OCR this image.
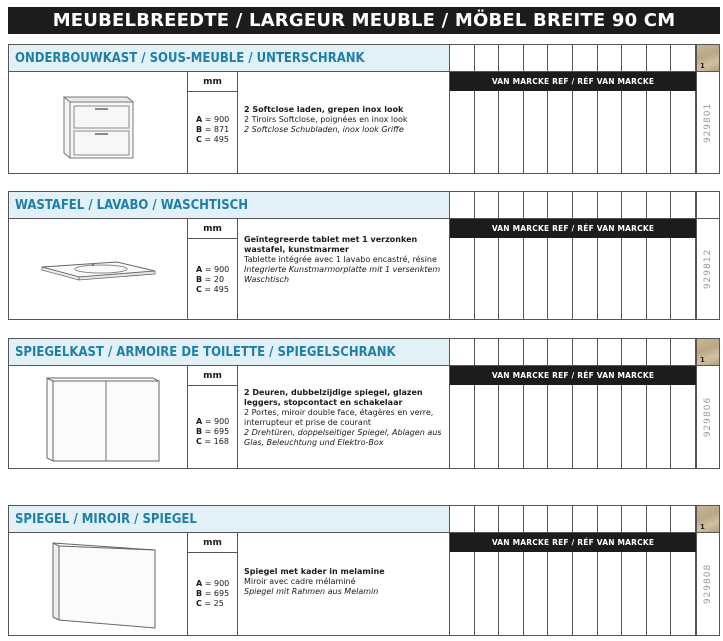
MEUBELBREEDTE / LARGEUR MEUBLE / MÖBEL BREITE 90 CM
ONDERBOUWKAST / SOUS-MEUBLE / UNTERSCHRANK
mm
A = 900
B = 871
C = 495
2 Softclose laden, grepen inox look
2 Tiroirs Softclose, poignées en inox look
2 Softclose Schubladen, inox look Griffe
VAN MARCKE REF / RÉF VAN MARCKE
1
929801
WASTAFEL / LAVABO / WASCHTISCH
mm
A = 900
B = 20
C = 495
Geïntegreerde tablet met 1 verzonken wastafel, kunstmarmer
Tablette intégrée avec 1 lavabo encastré, résine
Integrierte Kunstmarmorplatte mit 1 versenktem Waschtisch
VAN MARCKE REF / RÉF VAN MARCKE
929812
SPIEGELKAST / ARMOIRE DE TOILETTE / SPIEGELSCHRANK
mm
A = 900
B = 695
C = 168
2 Deuren, dubbelzijdige spiegel, glazen leggers, stopcontact en schakelaar
2 Portes, miroir double face, étagères en verre, interrupteur et prise de courant
2 Drehtüren, doppelseitiger Spiegel, Ablagen aus Glas, Beleuchtung und Elektro-Box
VAN MARCKE REF / RÉF VAN MARCKE
1
929806
SPIEGEL / MIROIR / SPIEGEL
mm
A = 900
B = 695
C = 25
Spiegel met kader in melamine
Miroir avec cadre mélaminé
Spiegel mit Rahmen aus Melamin
VAN MARCKE REF / RÉF VAN MARCKE
1
929808
